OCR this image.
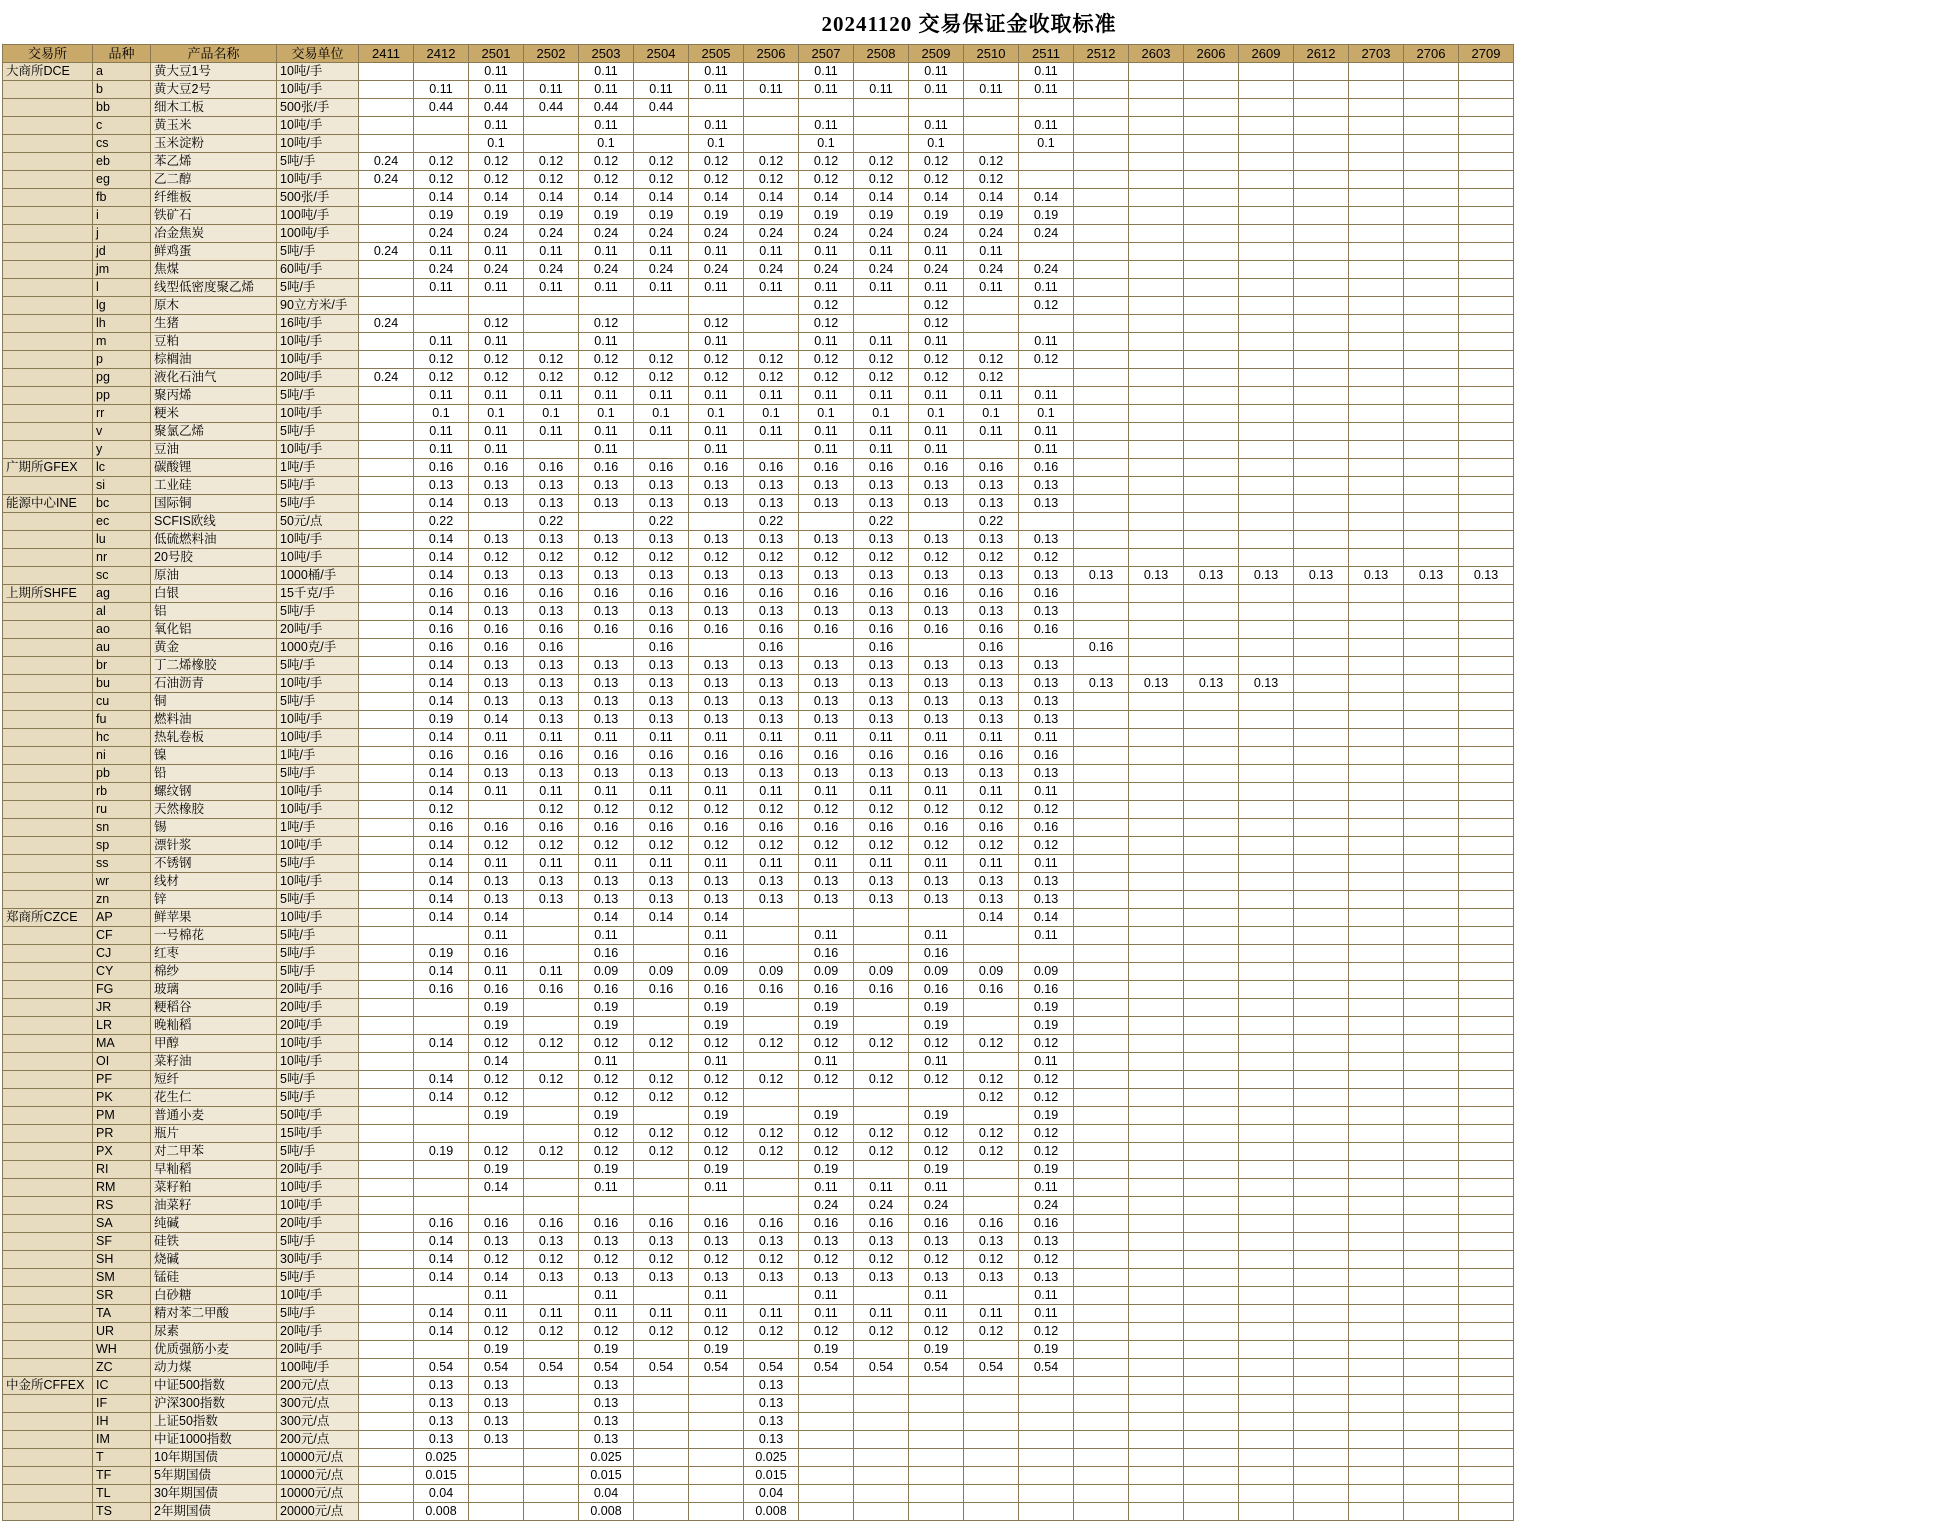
20241120 交易保证金收取标准
交易所	品种	产品名称	交易单位	2411	2412	2501	2502	2503	2504	2505	2506	2507	2508	2509	2510	2511	2512	2603	2606	2609	2612	2703	2706	2709
大商所DCE	a	黄大豆1号	10吨/手			0.11		0.11		0.11		0.11		0.11		0.11								
	b	黄大豆2号	10吨/手		0.11	0.11	0.11	0.11	0.11	0.11	0.11	0.11	0.11	0.11	0.11	0.11								
	bb	细木工板	500张/手		0.44	0.44	0.44	0.44	0.44															
	c	黄玉米	10吨/手			0.11		0.11		0.11		0.11		0.11		0.11								
	cs	玉米淀粉	10吨/手			0.1		0.1		0.1		0.1		0.1		0.1								
	eb	苯乙烯	5吨/手	0.24	0.12	0.12	0.12	0.12	0.12	0.12	0.12	0.12	0.12	0.12	0.12									
	eg	乙二醇	10吨/手	0.24	0.12	0.12	0.12	0.12	0.12	0.12	0.12	0.12	0.12	0.12	0.12									
	fb	纤维板	500张/手		0.14	0.14	0.14	0.14	0.14	0.14	0.14	0.14	0.14	0.14	0.14	0.14								
	i	铁矿石	100吨/手		0.19	0.19	0.19	0.19	0.19	0.19	0.19	0.19	0.19	0.19	0.19	0.19								
	j	冶金焦炭	100吨/手		0.24	0.24	0.24	0.24	0.24	0.24	0.24	0.24	0.24	0.24	0.24	0.24								
	jd	鲜鸡蛋	5吨/手	0.24	0.11	0.11	0.11	0.11	0.11	0.11	0.11	0.11	0.11	0.11	0.11									
	jm	焦煤	60吨/手		0.24	0.24	0.24	0.24	0.24	0.24	0.24	0.24	0.24	0.24	0.24	0.24								
	l	线型低密度聚乙烯	5吨/手		0.11	0.11	0.11	0.11	0.11	0.11	0.11	0.11	0.11	0.11	0.11	0.11								
	lg	原木	90立方米/手									0.12		0.12		0.12								
	lh	生猪	16吨/手	0.24		0.12		0.12		0.12		0.12		0.12										
	m	豆粕	10吨/手		0.11	0.11		0.11		0.11		0.11	0.11	0.11		0.11								
	p	棕榈油	10吨/手		0.12	0.12	0.12	0.12	0.12	0.12	0.12	0.12	0.12	0.12	0.12	0.12								
	pg	液化石油气	20吨/手	0.24	0.12	0.12	0.12	0.12	0.12	0.12	0.12	0.12	0.12	0.12	0.12									
	pp	聚丙烯	5吨/手		0.11	0.11	0.11	0.11	0.11	0.11	0.11	0.11	0.11	0.11	0.11	0.11								
	rr	粳米	10吨/手		0.1	0.1	0.1	0.1	0.1	0.1	0.1	0.1	0.1	0.1	0.1	0.1								
	v	聚氯乙烯	5吨/手		0.11	0.11	0.11	0.11	0.11	0.11	0.11	0.11	0.11	0.11	0.11	0.11								
	y	豆油	10吨/手		0.11	0.11		0.11		0.11		0.11	0.11	0.11		0.11								
广期所GFEX	lc	碳酸锂	1吨/手		0.16	0.16	0.16	0.16	0.16	0.16	0.16	0.16	0.16	0.16	0.16	0.16								
	si	工业硅	5吨/手		0.13	0.13	0.13	0.13	0.13	0.13	0.13	0.13	0.13	0.13	0.13	0.13								
能源中心INE	bc	国际铜	5吨/手		0.14	0.13	0.13	0.13	0.13	0.13	0.13	0.13	0.13	0.13	0.13	0.13								
	ec	SCFIS欧线	50元/点		0.22		0.22		0.22		0.22		0.22		0.22									
	lu	低硫燃料油	10吨/手		0.14	0.13	0.13	0.13	0.13	0.13	0.13	0.13	0.13	0.13	0.13	0.13								
	nr	20号胶	10吨/手		0.14	0.12	0.12	0.12	0.12	0.12	0.12	0.12	0.12	0.12	0.12	0.12								
	sc	原油	1000桶/手		0.14	0.13	0.13	0.13	0.13	0.13	0.13	0.13	0.13	0.13	0.13	0.13	0.13	0.13	0.13	0.13	0.13	0.13	0.13	0.13
上期所SHFE	ag	白银	15千克/手		0.16	0.16	0.16	0.16	0.16	0.16	0.16	0.16	0.16	0.16	0.16	0.16								
	al	铝	5吨/手		0.14	0.13	0.13	0.13	0.13	0.13	0.13	0.13	0.13	0.13	0.13	0.13								
	ao	氧化铝	20吨/手		0.16	0.16	0.16	0.16	0.16	0.16	0.16	0.16	0.16	0.16	0.16	0.16								
	au	黄金	1000克/手		0.16	0.16	0.16		0.16		0.16		0.16		0.16		0.16							
	br	丁二烯橡胶	5吨/手		0.14	0.13	0.13	0.13	0.13	0.13	0.13	0.13	0.13	0.13	0.13	0.13								
	bu	石油沥青	10吨/手		0.14	0.13	0.13	0.13	0.13	0.13	0.13	0.13	0.13	0.13	0.13	0.13	0.13	0.13	0.13	0.13				
	cu	铜	5吨/手		0.14	0.13	0.13	0.13	0.13	0.13	0.13	0.13	0.13	0.13	0.13	0.13								
	fu	燃料油	10吨/手		0.19	0.14	0.13	0.13	0.13	0.13	0.13	0.13	0.13	0.13	0.13	0.13								
	hc	热轧卷板	10吨/手		0.14	0.11	0.11	0.11	0.11	0.11	0.11	0.11	0.11	0.11	0.11	0.11								
	ni	镍	1吨/手		0.16	0.16	0.16	0.16	0.16	0.16	0.16	0.16	0.16	0.16	0.16	0.16								
	pb	铅	5吨/手		0.14	0.13	0.13	0.13	0.13	0.13	0.13	0.13	0.13	0.13	0.13	0.13								
	rb	螺纹钢	10吨/手		0.14	0.11	0.11	0.11	0.11	0.11	0.11	0.11	0.11	0.11	0.11	0.11								
	ru	天然橡胶	10吨/手		0.12		0.12	0.12	0.12	0.12	0.12	0.12	0.12	0.12	0.12	0.12								
	sn	锡	1吨/手		0.16	0.16	0.16	0.16	0.16	0.16	0.16	0.16	0.16	0.16	0.16	0.16								
	sp	漂针浆	10吨/手		0.14	0.12	0.12	0.12	0.12	0.12	0.12	0.12	0.12	0.12	0.12	0.12								
	ss	不锈钢	5吨/手		0.14	0.11	0.11	0.11	0.11	0.11	0.11	0.11	0.11	0.11	0.11	0.11								
	wr	线材	10吨/手		0.14	0.13	0.13	0.13	0.13	0.13	0.13	0.13	0.13	0.13	0.13	0.13								
	zn	锌	5吨/手		0.14	0.13	0.13	0.13	0.13	0.13	0.13	0.13	0.13	0.13	0.13	0.13								
郑商所CZCE	AP	鲜苹果	10吨/手		0.14	0.14		0.14	0.14	0.14					0.14	0.14								
	CF	一号棉花	5吨/手			0.11		0.11		0.11		0.11		0.11		0.11								
	CJ	红枣	5吨/手		0.19	0.16		0.16		0.16		0.16		0.16										
	CY	棉纱	5吨/手		0.14	0.11	0.11	0.09	0.09	0.09	0.09	0.09	0.09	0.09	0.09	0.09								
	FG	玻璃	20吨/手		0.16	0.16	0.16	0.16	0.16	0.16	0.16	0.16	0.16	0.16	0.16	0.16								
	JR	粳稻谷	20吨/手			0.19		0.19		0.19		0.19		0.19		0.19								
	LR	晚籼稻	20吨/手			0.19		0.19		0.19		0.19		0.19		0.19								
	MA	甲醇	10吨/手		0.14	0.12	0.12	0.12	0.12	0.12	0.12	0.12	0.12	0.12	0.12	0.12								
	OI	菜籽油	10吨/手			0.14		0.11		0.11		0.11		0.11		0.11								
	PF	短纤	5吨/手		0.14	0.12	0.12	0.12	0.12	0.12	0.12	0.12	0.12	0.12	0.12	0.12								
	PK	花生仁	5吨/手		0.14	0.12		0.12	0.12	0.12					0.12	0.12								
	PM	普通小麦	50吨/手			0.19		0.19		0.19		0.19		0.19		0.19								
	PR	瓶片	15吨/手					0.12	0.12	0.12	0.12	0.12	0.12	0.12	0.12	0.12								
	PX	对二甲苯	5吨/手		0.19	0.12	0.12	0.12	0.12	0.12	0.12	0.12	0.12	0.12	0.12	0.12								
	RI	早籼稻	20吨/手			0.19		0.19		0.19		0.19		0.19		0.19								
	RM	菜籽粕	10吨/手			0.14		0.11		0.11		0.11	0.11	0.11		0.11								
	RS	油菜籽	10吨/手									0.24	0.24	0.24		0.24								
	SA	纯碱	20吨/手		0.16	0.16	0.16	0.16	0.16	0.16	0.16	0.16	0.16	0.16	0.16	0.16								
	SF	硅铁	5吨/手		0.14	0.13	0.13	0.13	0.13	0.13	0.13	0.13	0.13	0.13	0.13	0.13								
	SH	烧碱	30吨/手		0.14	0.12	0.12	0.12	0.12	0.12	0.12	0.12	0.12	0.12	0.12	0.12								
	SM	锰硅	5吨/手		0.14	0.14	0.13	0.13	0.13	0.13	0.13	0.13	0.13	0.13	0.13	0.13								
	SR	白砂糖	10吨/手			0.11		0.11		0.11		0.11		0.11		0.11								
	TA	精对苯二甲酸	5吨/手		0.14	0.11	0.11	0.11	0.11	0.11	0.11	0.11	0.11	0.11	0.11	0.11								
	UR	尿素	20吨/手		0.14	0.12	0.12	0.12	0.12	0.12	0.12	0.12	0.12	0.12	0.12	0.12								
	WH	优质强筋小麦	20吨/手			0.19		0.19		0.19		0.19		0.19		0.19								
	ZC	动力煤	100吨/手		0.54	0.54	0.54	0.54	0.54	0.54	0.54	0.54	0.54	0.54	0.54	0.54								
中金所CFFEX	IC	中证500指数	200元/点		0.13	0.13		0.13			0.13													
	IF	沪深300指数	300元/点		0.13	0.13		0.13			0.13													
	IH	上证50指数	300元/点		0.13	0.13		0.13			0.13													
	IM	中证1000指数	200元/点		0.13	0.13		0.13			0.13													
	T	10年期国债	10000元/点		0.025			0.025			0.025													
	TF	5年期国债	10000元/点		0.015			0.015			0.015													
	TL	30年期国债	10000元/点		0.04			0.04			0.04													
	TS	2年期国债	20000元/点		0.008			0.008			0.008													
